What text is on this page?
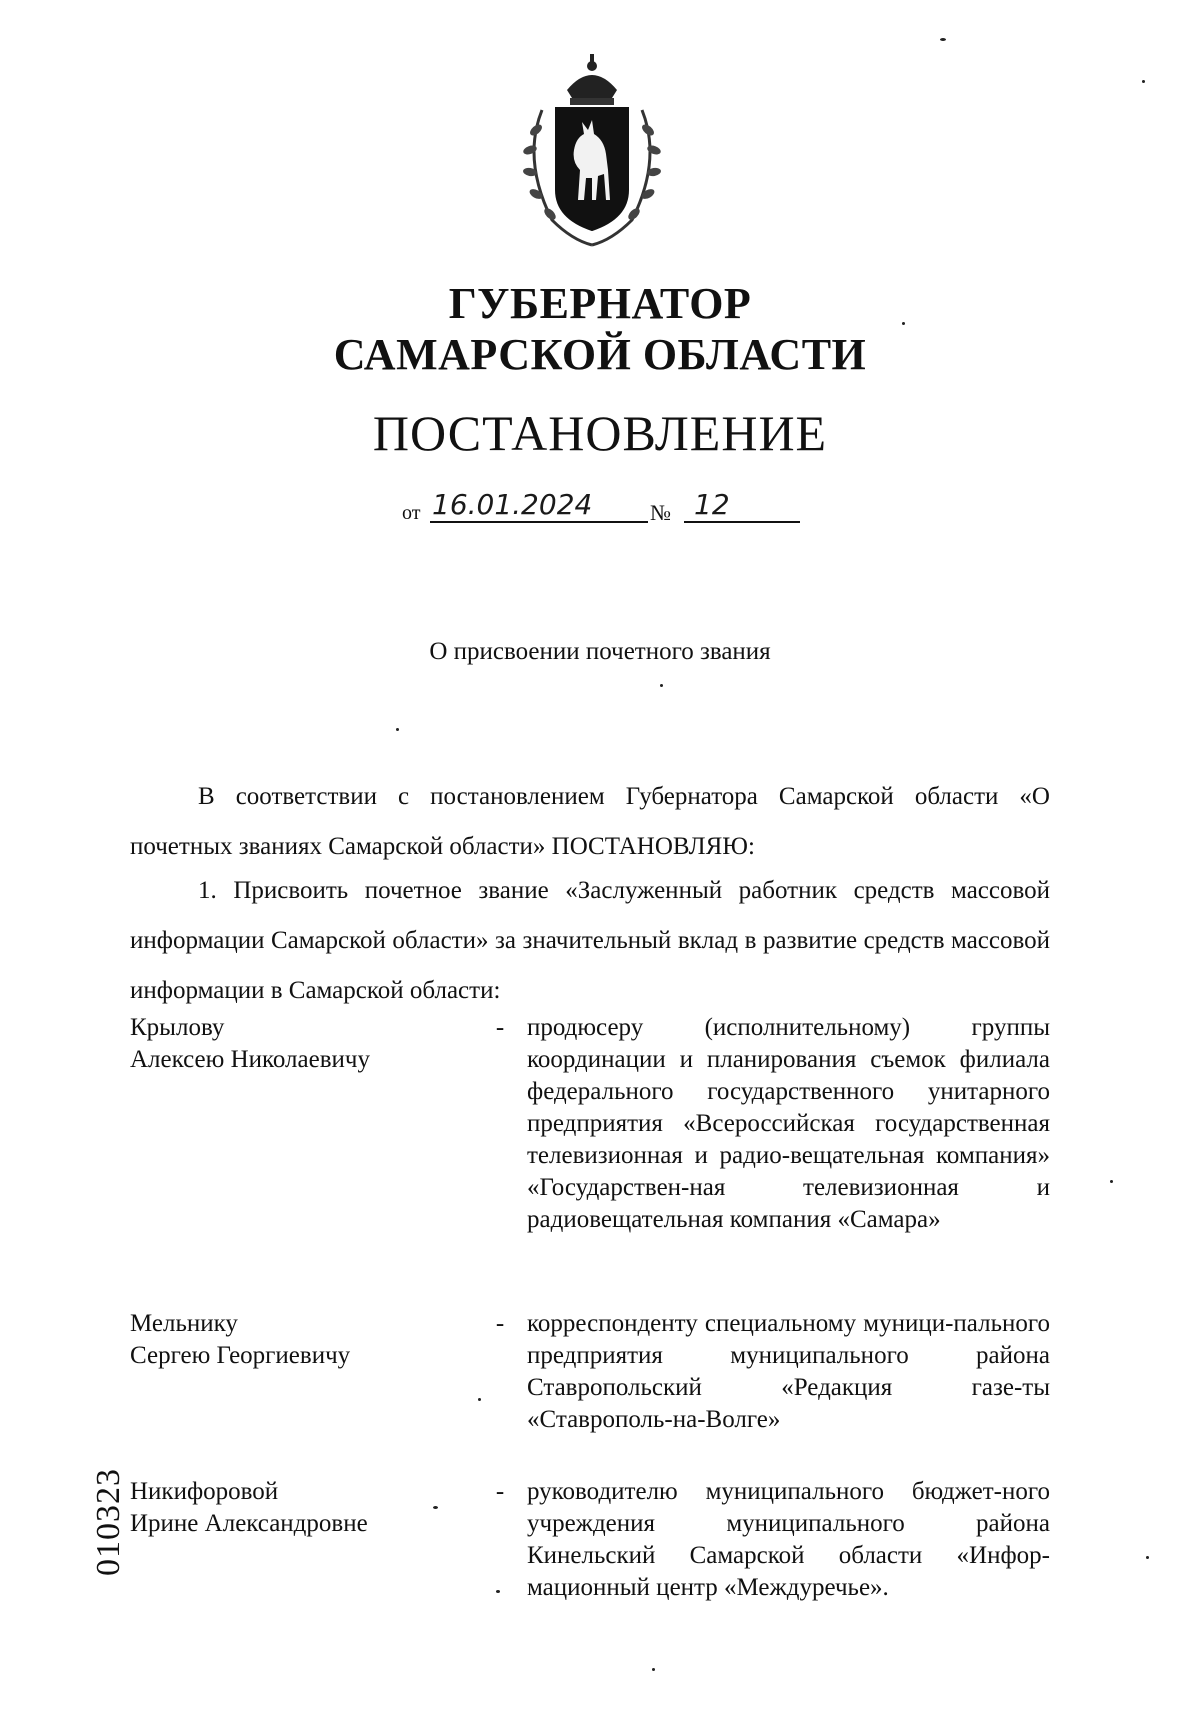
ГУБЕРНАТОР
САМАРСКОЙ ОБЛАСТИ
ПОСТАНОВЛЕНИЕ
от 16.01.2024	№ 12
О присвоении почетного звания
В соответствии с постановлением Губернатора Самарской области «О почетных званиях Самарской области» ПОСТАНОВЛЯЮ:
1. Присвоить почетное звание «Заслуженный работник средств массовой информации Самарской области» за значительный вклад в развитие средств массовой информации в Самарской области:
Крылову
Алексею Николаевичу
- продюсеру (исполнительному) группы координации и планирования съемок филиала федерального государственного унитарного предприятия «Всероссийская государственная телевизионная и радио-вещательная компания» «Государствен-ная телевизионная и радиовещательная компания «Самара»
Мельнику
Сергею Георгиевичу
- корреспонденту специальному муници-пального предприятия муниципального района Ставропольский «Редакция газе-ты «Ставрополь-на-Волге»
Никифоровой
Ирине Александровне
- руководителю муниципального бюджет-ного учреждения муниципального района Кинельский Самарской области «Инфор-мационный центр «Междуречье».
010323
